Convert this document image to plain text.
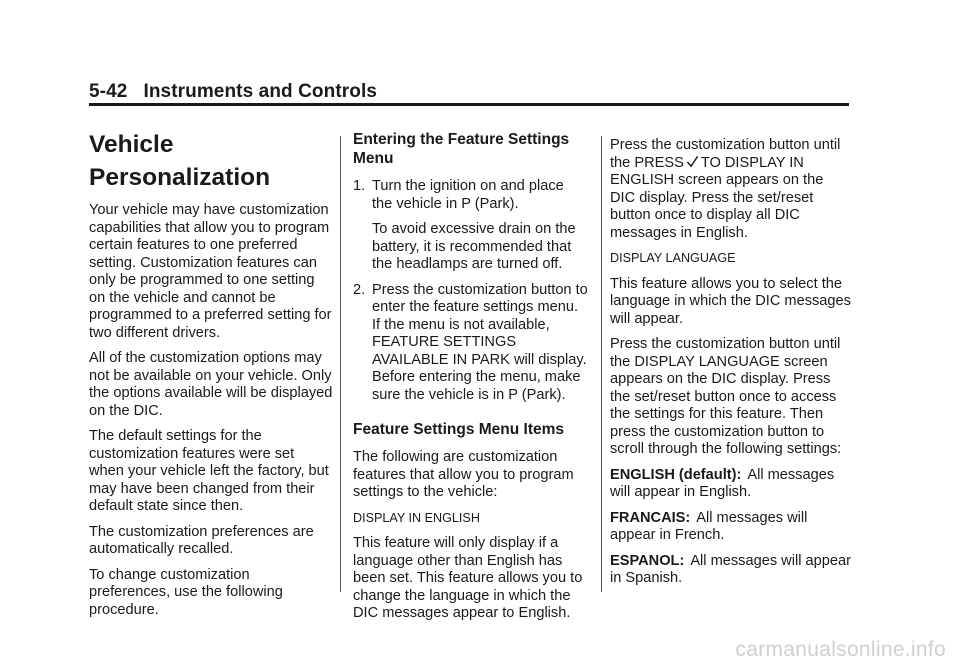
5-42 Instruments and Controls
Vehicle
Personalization

Your vehicle may have customization capabilities that allow you to program certain features to one preferred setting. Customization features can only be programmed to one setting on the vehicle and cannot be programmed to a preferred setting for two different drivers.

All of the customization options may not be available on your vehicle. Only the options available will be displayed on the DIC.

The default settings for the customization features were set when your vehicle left the factory, but may have been changed from their default state since then.

The customization preferences are automatically recalled.

To change customization preferences, use the following procedure.

Entering the Feature Settings Menu
1. Turn the ignition on and place the vehicle in P (Park).

To avoid excessive drain on the battery, it is recommended that the headlamps are turned off.

2. Press the customization button to enter the feature settings menu. If the menu is not available, FEATURE SETTINGS AVAILABLE IN PARK will display. Before entering the menu, make sure the vehicle is in P (Park).

Feature Settings Menu Items

The following are customization features that allow you to program settings to the vehicle:

DISPLAY IN ENGLISH

This feature will only display if a language other than English has been set. This feature allows you to change the language in which the DIC messages appear to English.

Press the customization button until the PRESS TO DISPLAY IN ENGLISH screen appears on the DIC display. Press the set/reset button once to display all DIC messages in English.

DISPLAY LANGUAGE

This feature allows you to select the language in which the DIC messages will appear.

Press the customization button until the DISPLAY LANGUAGE screen appears on the DIC display. Press the set/reset button once to access the settings for this feature. Then press the customization button to scroll through the following settings:

ENGLISH (default): All messages will appear in English.

FRANCAIS: All messages will appear in French.

ESPANOL: All messages will appear in Spanish.

carmanualsonline.info
